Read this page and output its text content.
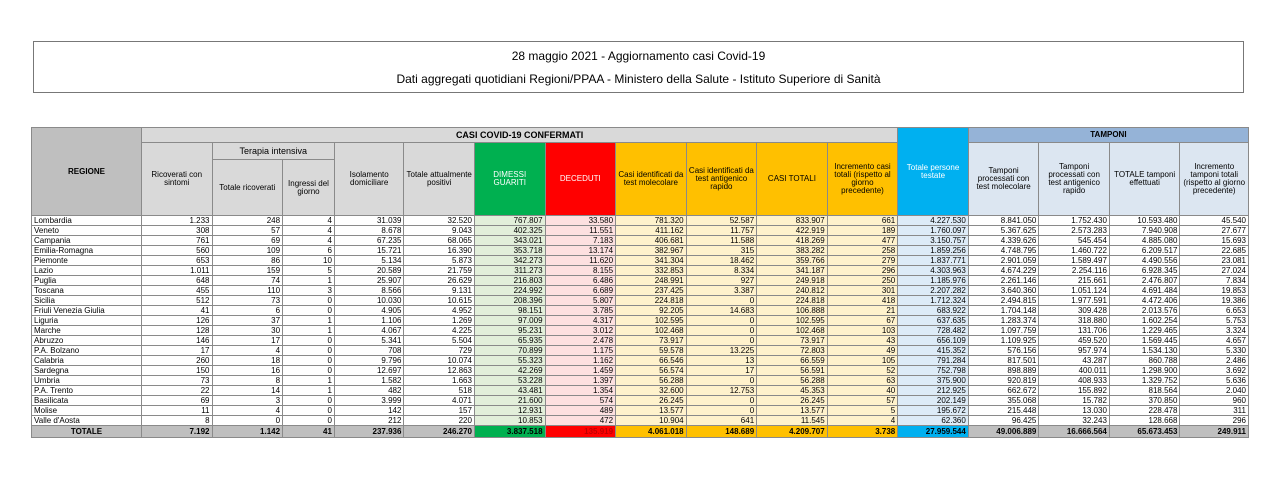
28 maggio 2021 - Aggiornamento casi Covid-19
Dati aggregati quotidiani Regioni/PPAA - Ministero della Salute - Istituto Superiore di Sanità
REGIONE	CASI COVID-19 CONFERMATI											Totale persone testate	TAMPONI			
	Ricoverati con sintomi	Terapia intensiva		Isolamento domiciliare	Totale attualmente positivi	DIMESSI GUARITI	DECEDUTI	Casi identificati da test molecolare	Casi identificati da test antigenico rapido	CASI TOTALI	Incremento casi totali (rispetto al giorno precedente)		Tamponi processati con test molecolare	Tamponi processati con test antigenico rapido	TOTALE tamponi effettuati	Incremento tamponi totali (rispetto al giorno precedente)
		Totale ricoverati	Ingressi del giorno													
Lombardia	1.233	248	4	31.039	32.520	767.807	33.580	781.320	52.587	833.907	661	4.227.530	8.841.050	1.752.430	10.593.480	45.540
Veneto	308	57	4	8.678	9.043	402.325	11.551	411.162	11.757	422.919	189	1.760.097	5.367.625	2.573.283	7.940.908	27.677
Campania	761	69	4	67.235	68.065	343.021	7.183	406.681	11.588	418.269	477	3.150.757	4.339.626	545.454	4.885.080	15.693
Emilia-Romagna	560	109	6	15.721	16.390	353.718	13.174	382.967	315	383.282	258	1.859.256	4.748.795	1.460.722	6.209.517	22.685
Piemonte	653	86	10	5.134	5.873	342.273	11.620	341.304	18.462	359.766	279	1.837.771	2.901.059	1.589.497	4.490.556	23.081
Lazio	1.011	159	5	20.589	21.759	311.273	8.155	332.853	8.334	341.187	296	4.303.963	4.674.229	2.254.116	6.928.345	27.024
Puglia	648	74	1	25.907	26.629	216.803	6.486	248.991	927	249.918	250	1.185.976	2.261.146	215.661	2.476.807	7.834
Toscana	455	110	3	8.566	9.131	224.992	6.689	237.425	3.387	240.812	301	2.207.282	3.640.360	1.051.124	4.691.484	19.853
Sicilia	512	73	0	10.030	10.615	208.396	5.807	224.818	0	224.818	418	1.712.324	2.494.815	1.977.591	4.472.406	19.386
Friuli Venezia Giulia	41	6	0	4.905	4.952	98.151	3.785	92.205	14.683	106.888	21	683.922	1.704.148	309.428	2.013.576	6.653
Liguria	126	37	1	1.106	1.269	97.009	4.317	102.595	0	102.595	67	637.635	1.283.374	318.880	1.602.254	5.753
Marche	128	30	1	4.067	4.225	95.231	3.012	102.468	0	102.468	103	728.482	1.097.759	131.706	1.229.465	3.324
Abruzzo	146	17	0	5.341	5.504	65.935	2.478	73.917	0	73.917	43	656.109	1.109.925	459.520	1.569.445	4.657
P.A. Bolzano	17	4	0	708	729	70.899	1.175	59.578	13.225	72.803	49	415.352	576.156	957.974	1.534.130	5.330
Calabria	260	18	0	9.796	10.074	55.323	1.162	66.546	13	66.559	105	791.284	817.501	43.287	860.788	2.486
Sardegna	150	16	0	12.697	12.863	42.269	1.459	56.574	17	56.591	52	752.798	898.889	400.011	1.298.900	3.692
Umbria	73	8	1	1.582	1.663	53.228	1.397	56.288	0	56.288	63	375.900	920.819	408.933	1.329.752	5.636
P.A. Trento	22	14	1	482	518	43.481	1.354	32.600	12.753	45.353	40	212.925	662.672	155.892	818.564	2.040
Basilicata	69	3	0	3.999	4.071	21.600	574	26.245	0	26.245	57	202.149	355.068	15.782	370.850	960
Molise	11	4	0	142	157	12.931	489	13.577	0	13.577	5	195.672	215.448	13.030	228.478	311
Valle d'Aosta	8	0	0	212	220	10.853	472	10.904	641	11.545	4	62.360	96.425	32.243	128.668	296
TOTALE	7.192	1.142	41	237.936	246.270	3.837.518	135.919	4.061.018	148.689	4.209.707	3.738	27.959.544	49.006.889	16.666.564	65.673.453	249.911
